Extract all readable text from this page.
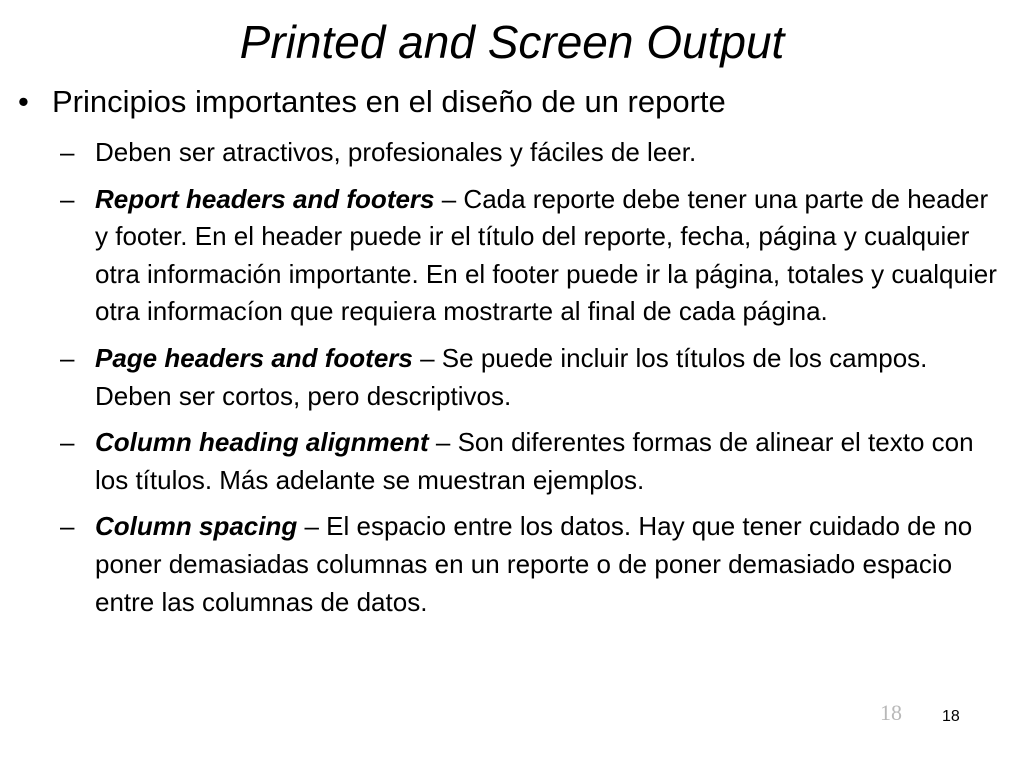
Printed and Screen Output
• Principios importantes en el diseño de un reporte
– Deben ser atractivos, profesionales y fáciles de leer.
– Report headers and footers – Cada reporte debe tener una parte de header y footer. En el header puede ir el título del reporte, fecha, página y cualquier otra información importante. En el footer puede ir la página, totales y cualquier otra informacíon que requiera mostrarte al final de cada página.
– Page headers and footers – Se puede incluir los títulos de los campos. Deben ser cortos, pero descriptivos.
– Column heading alignment – Son diferentes formas de alinear el texto con los títulos. Más adelante se muestran ejemplos.
– Column spacing – El espacio entre los datos. Hay que tener cuidado de no poner demasiadas columnas en un reporte o de poner demasiado espacio entre las columnas de datos.
18	18
